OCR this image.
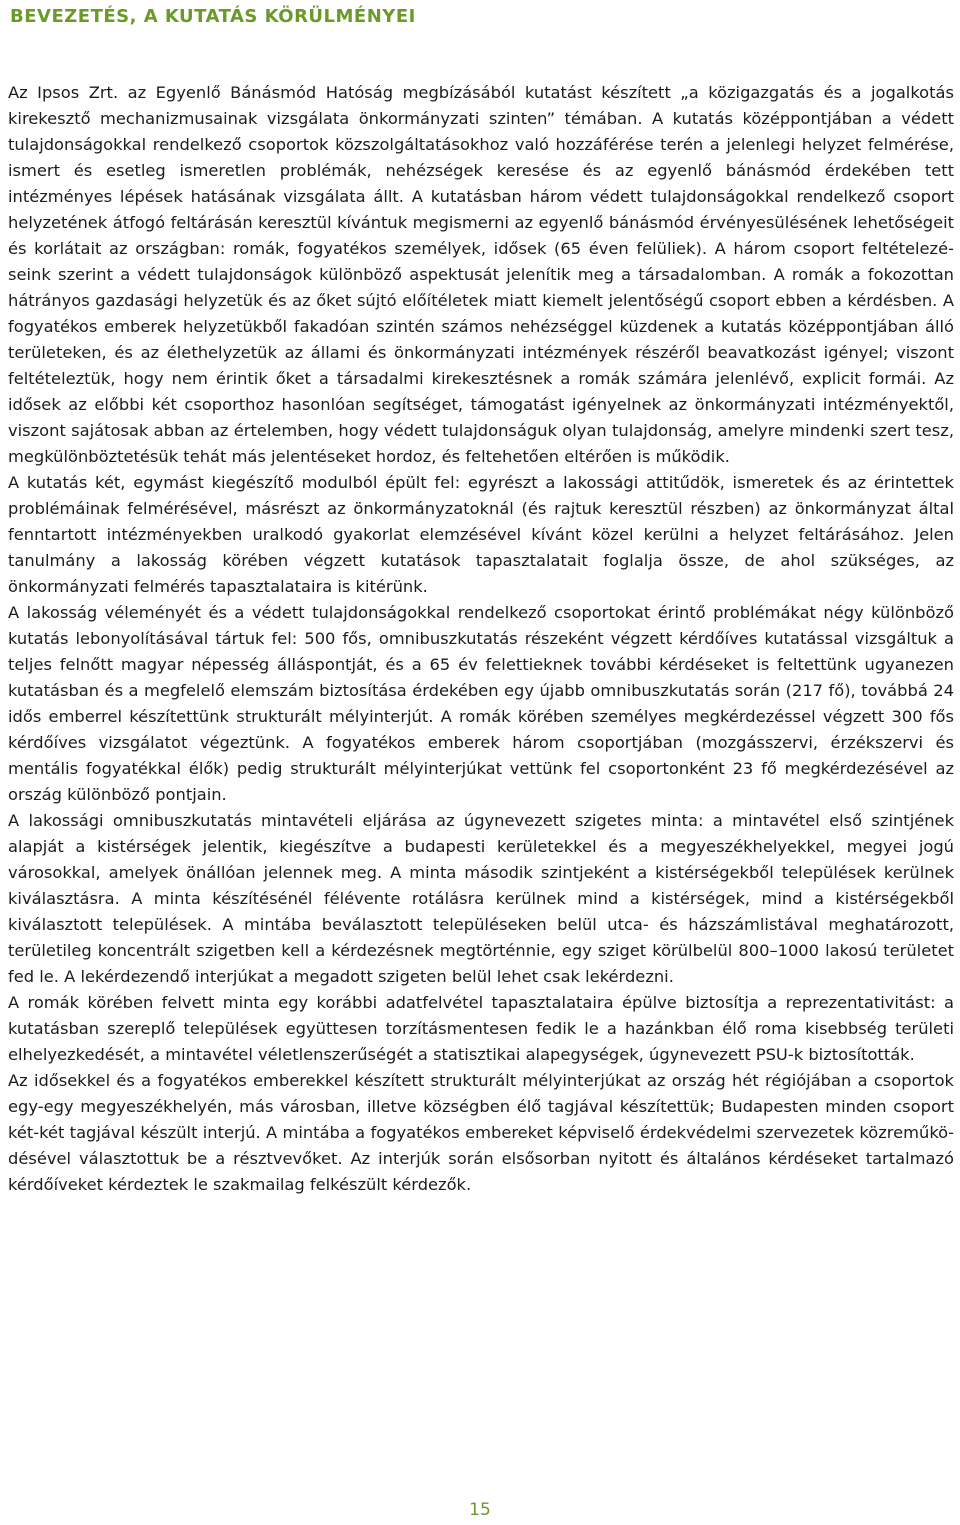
BEVEZETÉS, A KUTATÁS KÖRÜLMÉNYEI

Az Ipsos Zrt. az Egyenlő Bánásmód Hatóság megbízásából kutatást készített „a közigazgatás és a jogalkotás kirekesztő mechanizmusainak vizsgálata önkormányzati szinten” témában. A kutatás középpontjában a védett tulajdonságokkal rendelkező csoportok közszolgáltatásokhoz való hozzáférése terén a jelenlegi helyzet felmérése, ismert és esetleg ismeretlen problémák, nehézségek keresése és az egyenlő bánásmód érdekében tett intézményes lépések hatásának vizsgálata állt. A kutatásban három védett tulajdonságokkal rendelkező csoport helyzetének átfogó feltárásán keresztül kívántuk megismerni az egyenlő bánásmód érvényesülésének lehetőségeit és korlátait az országban: romák, fogyatékos személyek, idősek (65 éven felüliek). A három csoport feltételezéseink szerint a védett tulajdonságok különböző aspektusát jelenítik meg a társadalomban. A romák a fokozottan hátrányos gazdasági helyzetük és az őket sújtó előítéletek miatt kiemelt jelentőségű csoport ebben a kérdésben. A fogyatékos emberek helyzetükből fakadóan szintén számos nehézséggel küzdenek a kutatás középpontjában álló területeken, és az élethelyzetük az állami és önkormányzati intézmények részéről beavatkozást igényel; viszont feltételeztük, hogy nem érintik őket a társadalmi kirekesztésnek a romák számára jelenlévő, explicit formái. Az idősek az előbbi két csoporthoz hasonlóan segítséget, támogatást igényelnek az önkormányzati intézményektől, viszont sajátosak abban az értelemben, hogy védett tulajdonságuk olyan tulajdonság, amelyre mindenki szert tesz, megkülönböztetésük tehát más jelentéseket hordoz, és feltehetően eltérően is működik.

A kutatás két, egymást kiegészítő modulból épült fel: egyrészt a lakossági attitűdök, ismeretek és az érintettek problémáinak felmérésével, másrészt az önkormányzatoknál (és rajtuk keresztül részben) az önkormányzat által fenntartott intézményekben uralkodó gyakorlat elemzésével kívánt közel kerülni a helyzet feltárásához. Jelen tanulmány a lakosság körében végzett kutatások tapasztalatait foglalja össze, de ahol szükséges, az önkormányzati felmérés tapasztalataira is kitérünk.

A lakosság véleményét és a védett tulajdonságokkal rendelkező csoportokat érintő problémákat négy különböző kutatás lebonyolításával tártuk fel: 500 fős, omnibuszkutatás részeként végzett kérdőíves kutatással vizsgáltuk a teljes felnőtt magyar népesség álláspontját, és a 65 év felettieknek további kérdéseket is feltettünk ugyanezen kutatásban és a megfelelő elemszám biztosítása érdekében egy újabb omnibuszkutatás során (217 fő), továbbá 24 idős emberrel készítettünk strukturált mélyinterjút. A romák körében személyes megkérdezéssel végzett 300 fős kérdőíves vizsgálatot végeztünk. A fogyatékos emberek három csoportjában (mozgásszervi, érzékszervi és mentális fogyatékkal élők) pedig strukturált mélyinterjúkat vettünk fel csoportonként 23 fő megkérdezésével az ország különböző pontjain.

A lakossági omnibuszkutatás mintavételi eljárása az úgynevezett szigetes minta: a mintavétel első szintjének alapját a kistérségek jelentik, kiegészítve a budapesti kerületekkel és a megyeszékhelyekkel, megyei jogú városokkal, amelyek önállóan jelennek meg. A minta második szintjeként a kistérségekből települések kerülnek kiválasztásra. A minta készítésénél félévente rotálásra kerülnek mind a kistérségek, mind a kistérségekből kiválasztott települések. A mintába beválasztott településeken belül utca- és házszámlistával meghatározott, területileg koncentrált szigetben kell a kérdezésnek megtörténnie, egy sziget körülbelül 800–1000 lakosú területet fed le. A lekérdezendő interjúkat a megadott szigeten belül lehet csak lekérdezni.

A romák körében felvett minta egy korábbi adatfelvétel tapasztalataira épülve biztosítja a reprezentativitást: a kutatásban szereplő települések együttesen torzításmentesen fedik le a hazánkban élő roma kisebbség területi elhelyezkedését, a mintavétel véletlenszerűségét a statisztikai alapegységek, úgynevezett PSU-k biztosították.

Az idősekkel és a fogyatékos emberekkel készített strukturált mélyinterjúkat az ország hét régiójában a csoportok egy-egy megyeszékhelyén, más városban, illetve községben élő tagjával készítettük; Budapesten minden csoport két-két tagjával készült interjú. A mintába a fogyatékos embereket képviselő érdekvédelmi szervezetek közreműködésével választottuk be a résztvevőket. Az interjúk során elsősorban nyitott és általános kérdéseket tartalmazó kérdőíveket kérdeztek le szakmailag felkészült kérdezők.

15
